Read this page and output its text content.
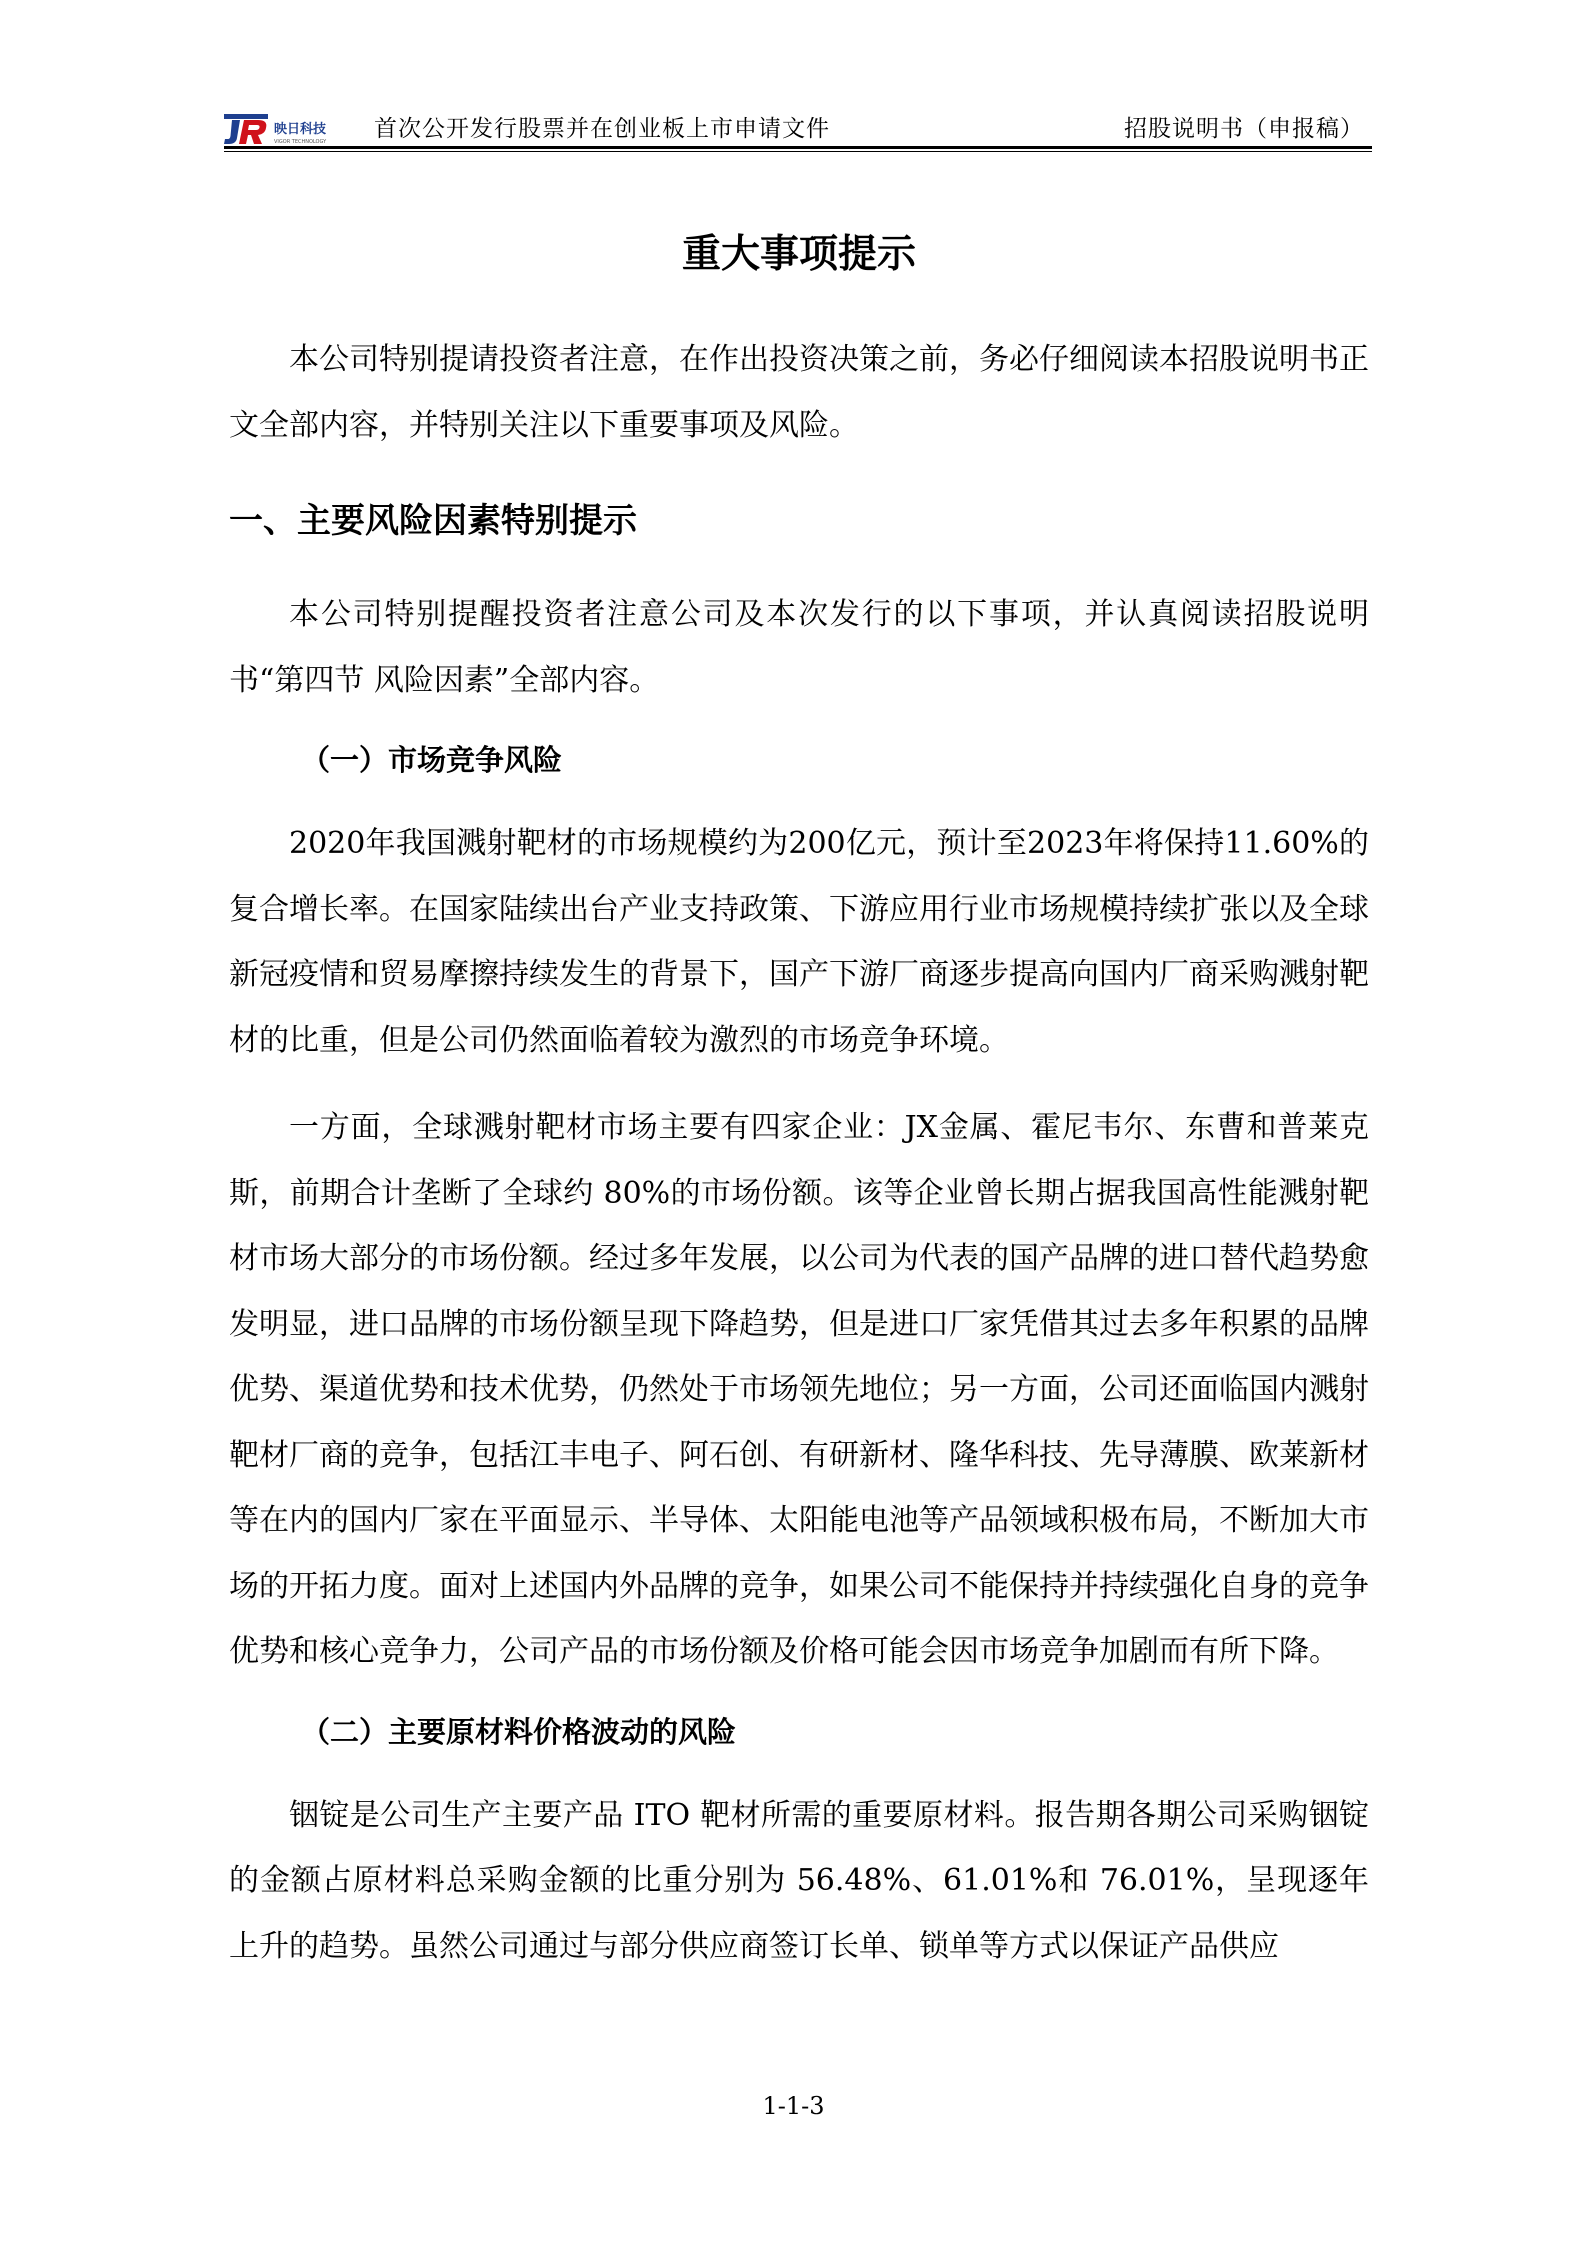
映日科技
VIGOR TECHNOLOGY 首次公开发行股票并在创业板上市申请文件	招股说明书（申报稿）
重大事项提示

本公司特别提请投资者注意，在作出投资决策之前，务必仔细阅读本招股说明书正文全部内容，并特别关注以下重要事项及风险。

一、主要风险因素特别提示

本公司特别提醒投资者注意公司及本次发行的以下事项，并认真阅读招股说明书“第四节 风险因素”全部内容。

（一）市场竞争风险

2020年我国溅射靶材的市场规模约为200亿元，预计至2023年将保持11.60%的复合增长率。在国家陆续出台产业支持政策、下游应用行业市场规模持续扩张以及全球新冠疫情和贸易摩擦持续发生的背景下，国产下游厂商逐步提高向国内厂商采购溅射靶材的比重，但是公司仍然面临着较为激烈的市场竞争环境。

一方面，全球溅射靶材市场主要有四家企业：JX金属、霍尼韦尔、东曹和普莱克斯，前期合计垄断了全球约 80%的市场份额。该等企业曾长期占据我国高性能溅射靶材市场大部分的市场份额。经过多年发展，以公司为代表的国产品牌的进口替代趋势愈发明显，进口品牌的市场份额呈现下降趋势，但是进口厂家凭借其过去多年积累的品牌优势、渠道优势和技术优势，仍然处于市场领先地位；另一方面，公司还面临国内溅射靶材厂商的竞争，包括江丰电子、阿石创、有研新材、隆华科技、先导薄膜、欧莱新材等在内的国内厂家在平面显示、半导体、太阳能电池等产品领域积极布局，不断加大市场的开拓力度。面对上述国内外品牌的竞争，如果公司不能保持并持续强化自身的竞争优势和核心竞争力，公司产品的市场份额及价格可能会因市场竞争加剧而有所下降。

（二）主要原材料价格波动的风险

铟锭是公司生产主要产品 ITO 靶材所需的重要原材料。报告期各期公司采购铟锭的金额占原材料总采购金额的比重分别为 56.48%、61.01%和 76.01%，呈现逐年上升的趋势。虽然公司通过与部分供应商签订长单、锁单等方式以保证产品供应

1-1-3
